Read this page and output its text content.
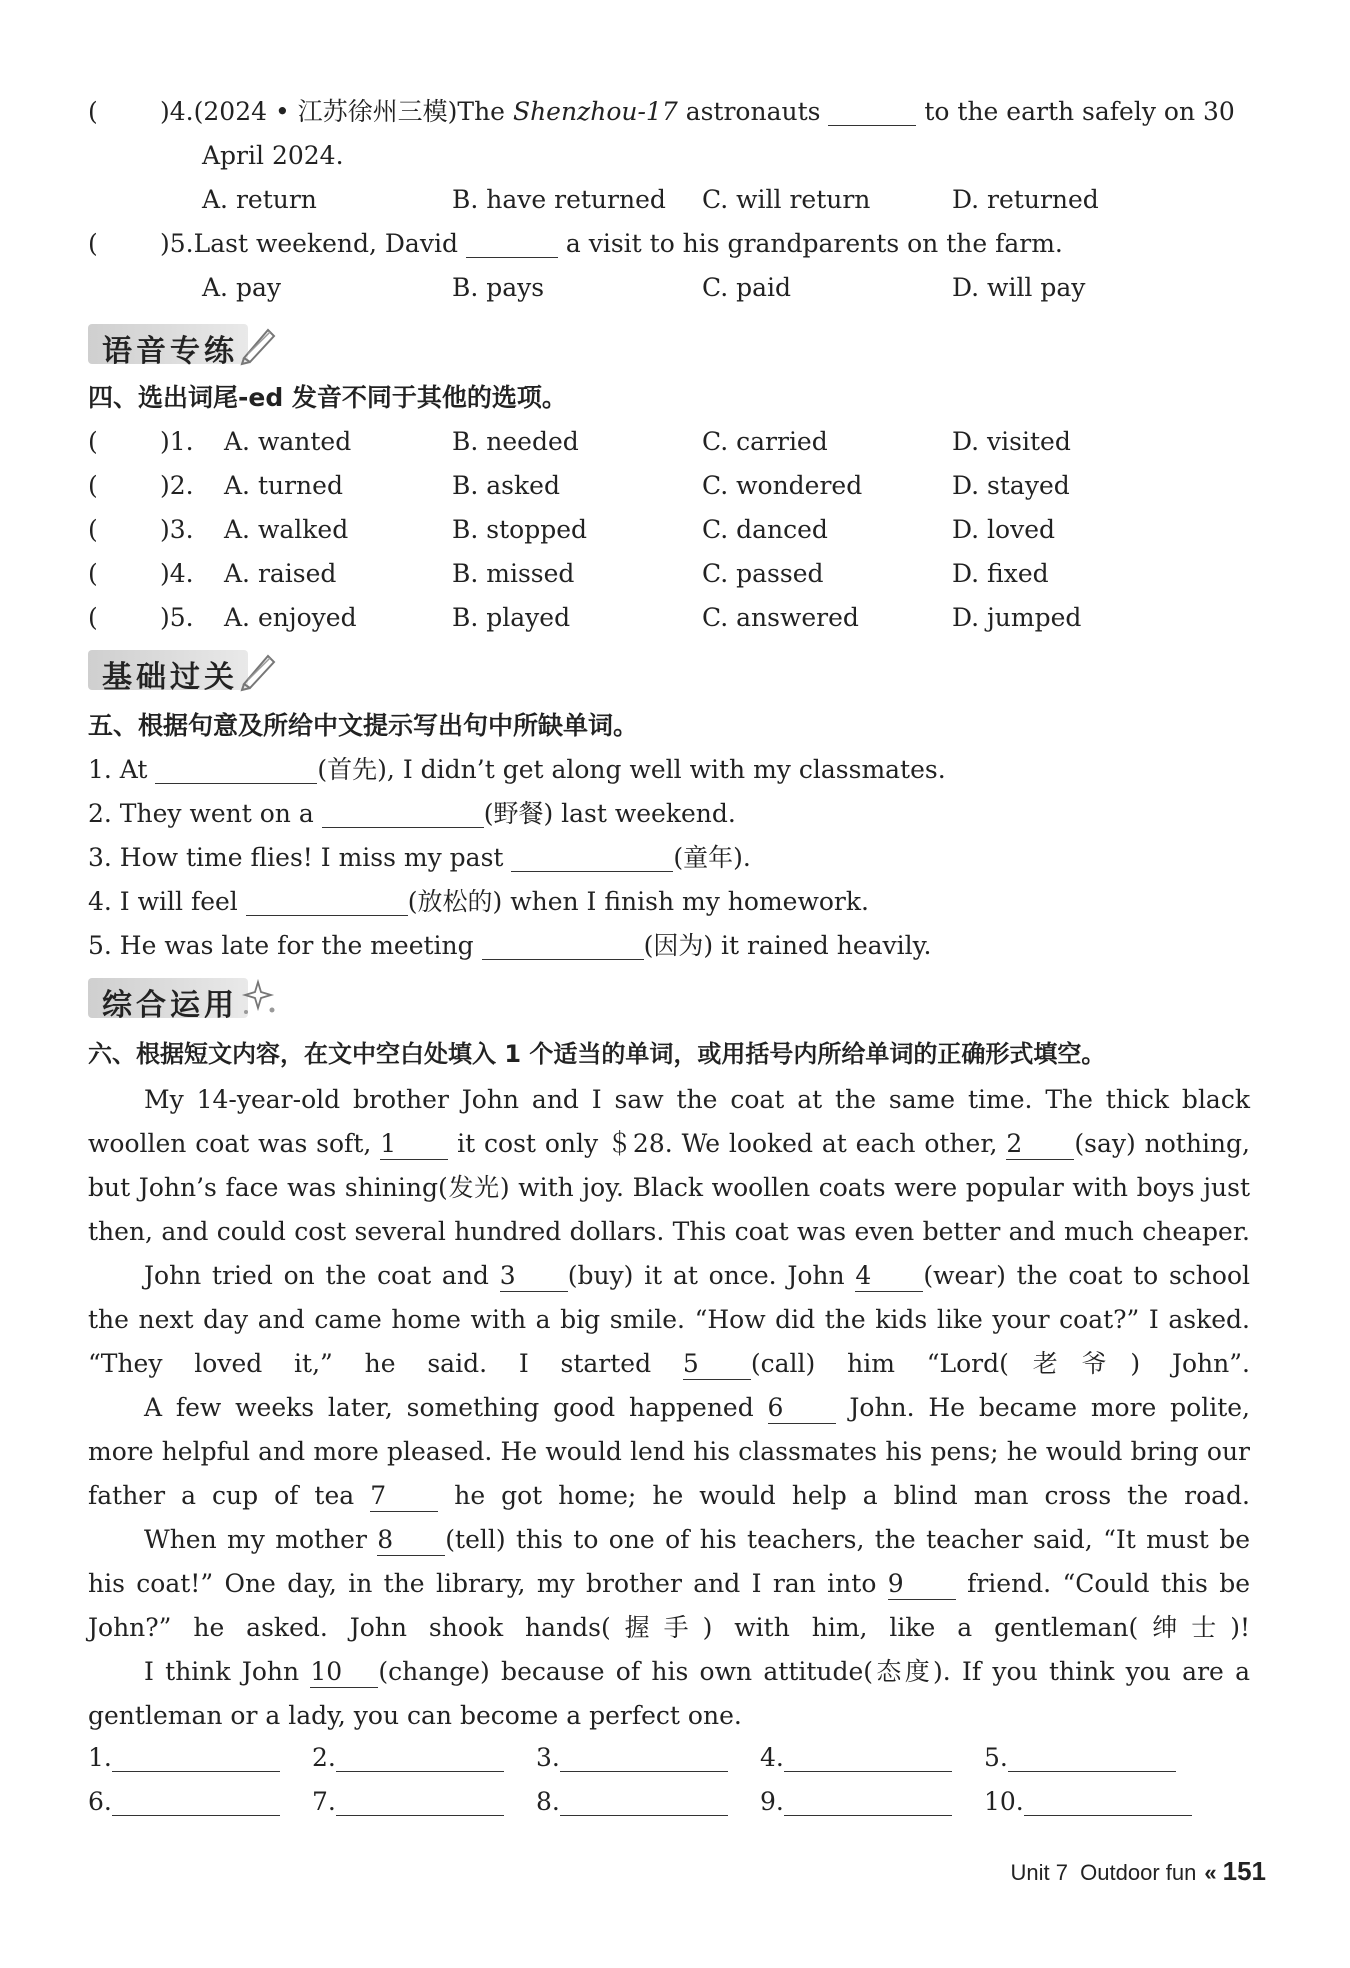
( )4.(2024 • 江苏徐州三模)The Shenzhou-17 astronauts	to the earth safely on 30
April 2024.
A. return	B. have returned C. will return	D. returned
( )5.Last weekend, David	a visit to his grandparents on the farm.
A. pay	B. pays	C. paid	D. will pay
语音专练
四、选出词尾-ed 发音不同于其他的选项。
( )1. A. wanted	B. needed	C. carried	D. visited
( )2. A. turned	B. asked	C. wondered	D. stayed
( )3. A. walked	B. stopped	C. danced	D. loved
( )4. A. raised	B. missed	C. passed	D. fixed
( )5. A. enjoyed	B. played	C. answered	D. jumped
基础过关
五、根据句意及所给中文提示写出句中所缺单词。
1. At	(首先), I didn’t get along well with my classmates.
2. They went on a	(野餐) last weekend.
3. How time flies! I miss my past	(童年).
4. I will feel	(放松的) when I finish my homework.
5. He was late for the meeting	(因为) it rained heavily.
综合运用
六、根据短文内容，在文中空白处填入 1 个适当的单词，或用括号内所给单词的正确形式填空。
My 14-year-old brother John and I saw the coat at the same time. The thick black woollen coat was soft, 1 it cost only ＄28. We looked at each other, 2 (say) nothing, but John’s face was shining(发光) with joy. Black woollen coats were popular with boys just then, and could cost several hundred dollars. This coat was even better and much cheaper.
John tried on the coat and 3 (buy) it at once. John 4 (wear) the coat to school the next day and came home with a big smile. “How did the kids like your coat?” I asked. “They loved it,” he said. I started 5 (call) him “Lord(老爷) John”.
A few weeks later, something good happened 6 John. He became more polite, more helpful and more pleased. He would lend his classmates his pens; he would bring our father a cup of tea 7 he got home; he would help a blind man cross the road.
When my mother 8 (tell) this to one of his teachers, the teacher said, “It must be his coat!” One day, in the library, my brother and I ran into 9 friend. “Could this be John?” he asked. John shook hands(握手) with him, like a gentleman(绅士)!
I think John 10 (change) because of his own attitude(态度). If you think you are a gentleman or a lady, you can become a perfect one.
1.	2.	3.	4.	5.
6.	7.	8.	9.	10.
Unit 7 Outdoor fun « 151
